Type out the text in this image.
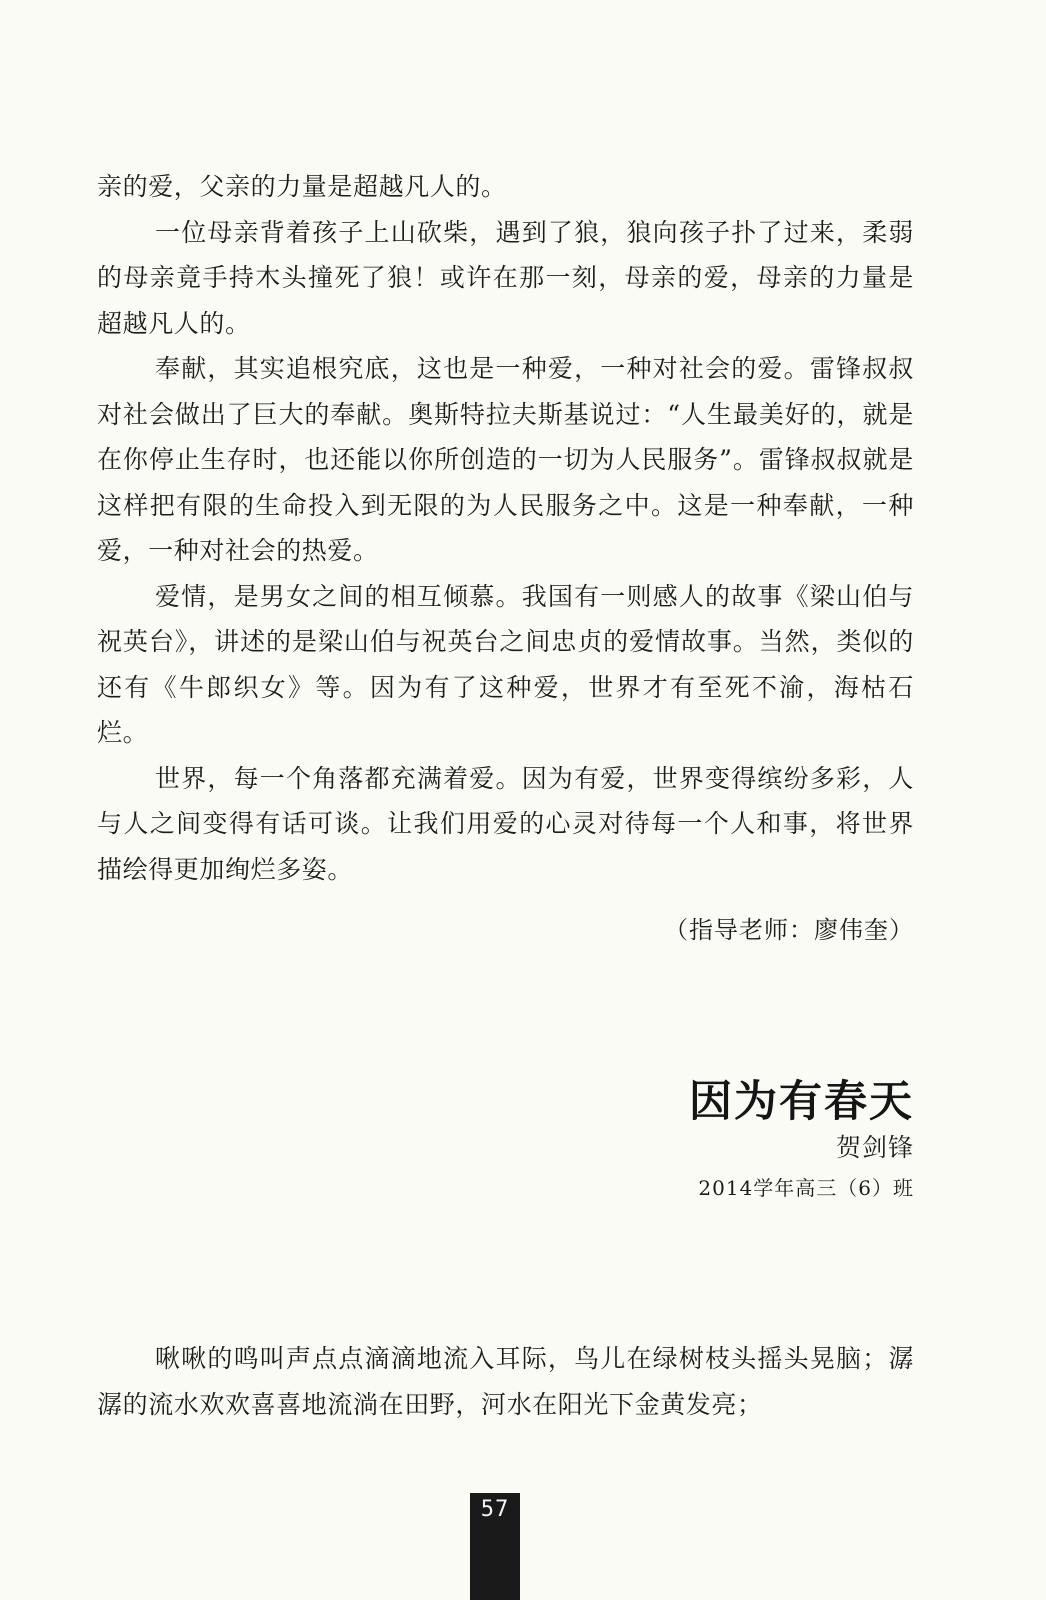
亲的爱，父亲的力量是超越凡人的。

一位母亲背着孩子上山砍柴，遇到了狼，狼向孩子扑了过来，柔弱的母亲竟手持木头撞死了狼！或许在那一刻，母亲的爱，母亲的力量是超越凡人的。

奉献，其实追根究底，这也是一种爱，一种对社会的爱。雷锋叔叔对社会做出了巨大的奉献。奥斯特拉夫斯基说过：“人生最美好的，就是在你停止生存时，也还能以你所创造的一切为人民服务”。雷锋叔叔就是这样把有限的生命投入到无限的为人民服务之中。这是一种奉献，一种爱，一种对社会的热爱。

爱情，是男女之间的相互倾慕。我国有一则感人的故事《梁山伯与祝英台》，讲述的是梁山伯与祝英台之间忠贞的爱情故事。当然，类似的还有《牛郎织女》等。因为有了这种爱，世界才有至死不渝，海枯石烂。

世界，每一个角落都充满着爱。因为有爱，世界变得缤纷多彩，人与人之间变得有话可谈。让我们用爱的心灵对待每一个人和事，将世界描绘得更加绚烂多姿。

（指导老师：廖伟奎）
因为有春天
贺剑锋
2014学年高三（6）班

啾啾的鸣叫声点点滴滴地流入耳际，鸟儿在绿树枝头摇头晃脑；潺潺的流水欢欢喜喜地流淌在田野，河水在阳光下金黄发亮；

57
